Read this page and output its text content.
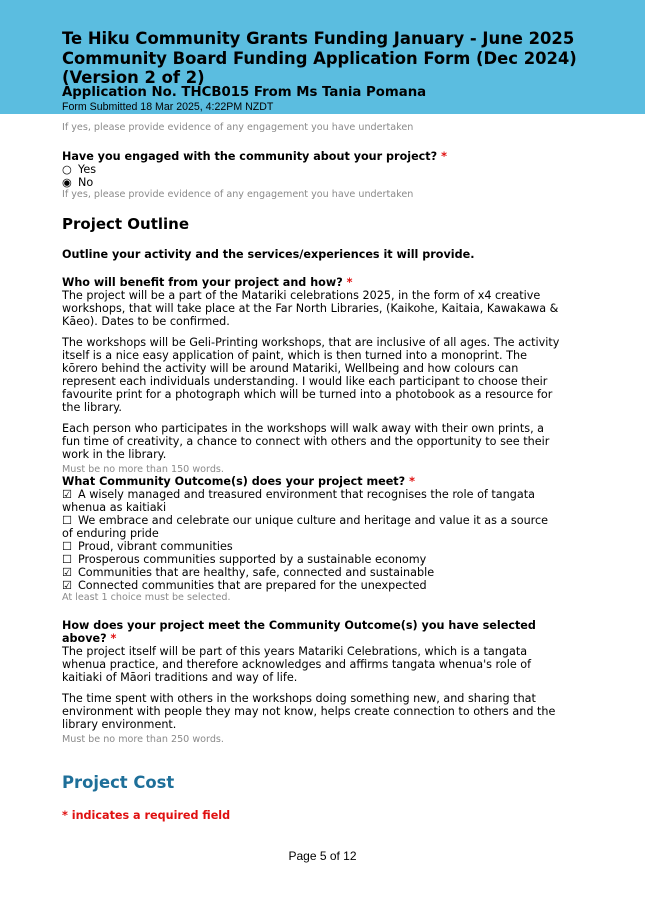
Te Hiku Community Grants Funding January - June 2025 Community Board Funding Application Form (Dec 2024) (Version 2 of 2)
Application No. THCB015 From Ms Tania Pomana
Form Submitted 18 Mar 2025, 4:22PM NZDT
If yes, please provide evidence of any engagement you have undertaken
Have you engaged with the community about your project? *
○ Yes
◉ No
If yes, please provide evidence of any engagement you have undertaken
Project Outline
Outline your activity and the services/experiences it will provide.
Who will benefit from your project and how? *

The project will be a part of the Matariki celebrations 2025, in the form of x4 creative workshops, that will take place at the Far North Libraries, (Kaikohe, Kaitaia, Kawakawa & Kāeo). Dates to be confirmed.

The workshops will be Geli-Printing workshops, that are inclusive of all ages. The activity itself is a nice easy application of paint, which is then turned into a monoprint. The kōrero behind the activity will be around Matariki, Wellbeing and how colours can represent each individuals understanding. I would like each participant to choose their favourite print for a photograph which will be turned into a photobook as a resource for the library.

Each person who participates in the workshops will walk away with their own prints, a fun time of creativity, a chance to connect with others and the opportunity to see their work in the library.

Must be no more than 150 words.
What Community Outcome(s) does your project meet? *
☑ A wisely managed and treasured environment that recognises the role of tangata whenua as kaitiaki
☐ We embrace and celebrate our unique culture and heritage and value it as a source of enduring pride
☐ Proud, vibrant communities
☐ Prosperous communities supported by a sustainable economy
☑ Communities that are healthy, safe, connected and sustainable
☑ Connected communities that are prepared for the unexpected
At least 1 choice must be selected.
How does your project meet the Community Outcome(s) you have selected above? *

The project itself will be part of this years Matariki Celebrations, which is a tangata whenua practice, and therefore acknowledges and affirms tangata whenua's role of kaitiaki of Māori traditions and way of life.

The time spent with others in the workshops doing something new, and sharing that environment with people they may not know, helps create connection to others and the library environment.

Must be no more than 250 words.
Project Cost
* indicates a required field
Page 5 of 12
